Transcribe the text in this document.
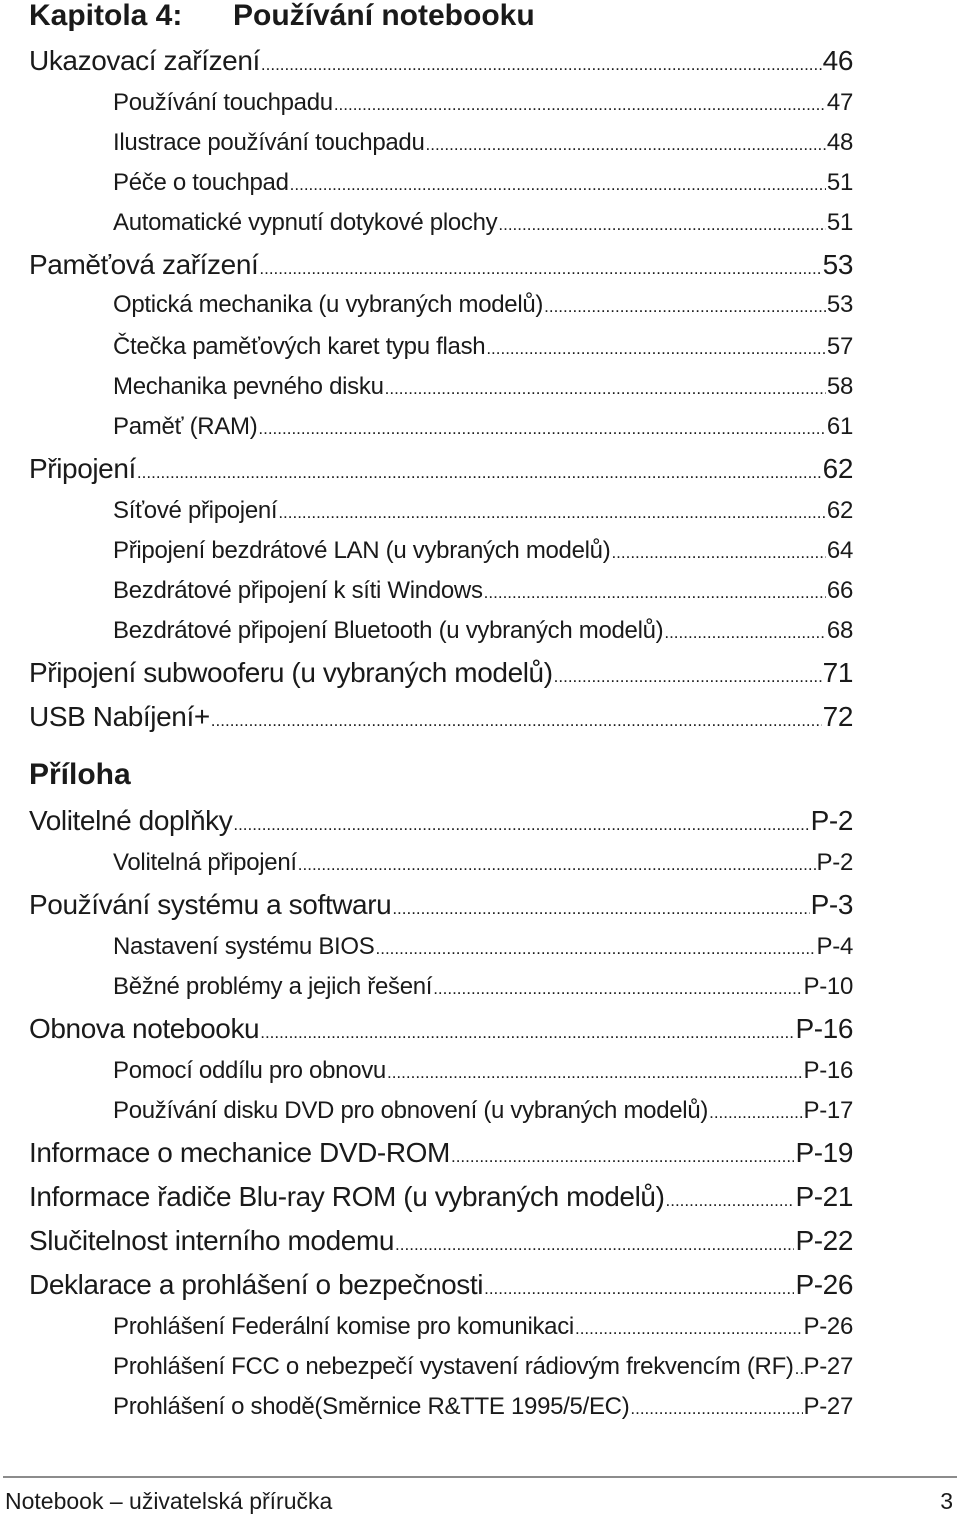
Kapitola 4: Používání notebooku
Ukazovací zařízení .....	46
Používání touchpadu .....	47
Ilustrace používání touchpadu .....	48
Péče o touchpad .....	51
Automatické vypnutí dotykové plochy .....	51
Paměťová zařízení .....	53
Optická mechanika (u vybraných modelů) .....	53
Čtečka paměťových karet typu flash .....	57
Mechanika pevného disku .....	58
Paměť (RAM) .....	61
Připojení .....	62
Síťové připojení .....	62
Připojení bezdrátové LAN (u vybraných modelů) .....	64
Bezdrátové připojení k síti Windows .....	66
Bezdrátové připojení Bluetooth (u vybraných modelů) .....	68
Připojení subwooferu (u vybraných modelů) .....	71
USB Nabíjení+ .....	72
Příloha
Volitelné doplňky .....	P-2
Volitelná připojení .....	P-2
Používání systému a softwaru .....	P-3
Nastavení systému BIOS .....	P-4
Běžné problémy a jejich řešení .....	P-10
Obnova notebooku .....	P-16
Pomocí oddílu pro obnovu .....	P-16
Používání disku DVD pro obnovení (u vybraných modelů) .....	P-17
Informace o mechanice DVD-ROM .....	P-19
Informace řadiče Blu-ray ROM (u vybraných modelů) .....	P-21
Slučitelnost interního modemu .....	P-22
Deklarace a prohlášení o bezpečnosti .....	P-26
Prohlášení Federální komise pro komunikaci .....	P-26
Prohlášení FCC o nebezpečí vystavení rádiovým frekvencím (RF) ..... P-27
Prohlášení o shodě(Směrnice R&TTE 1995/5/EC) .....	P-27
Notebook – uživatelská příručka	3
